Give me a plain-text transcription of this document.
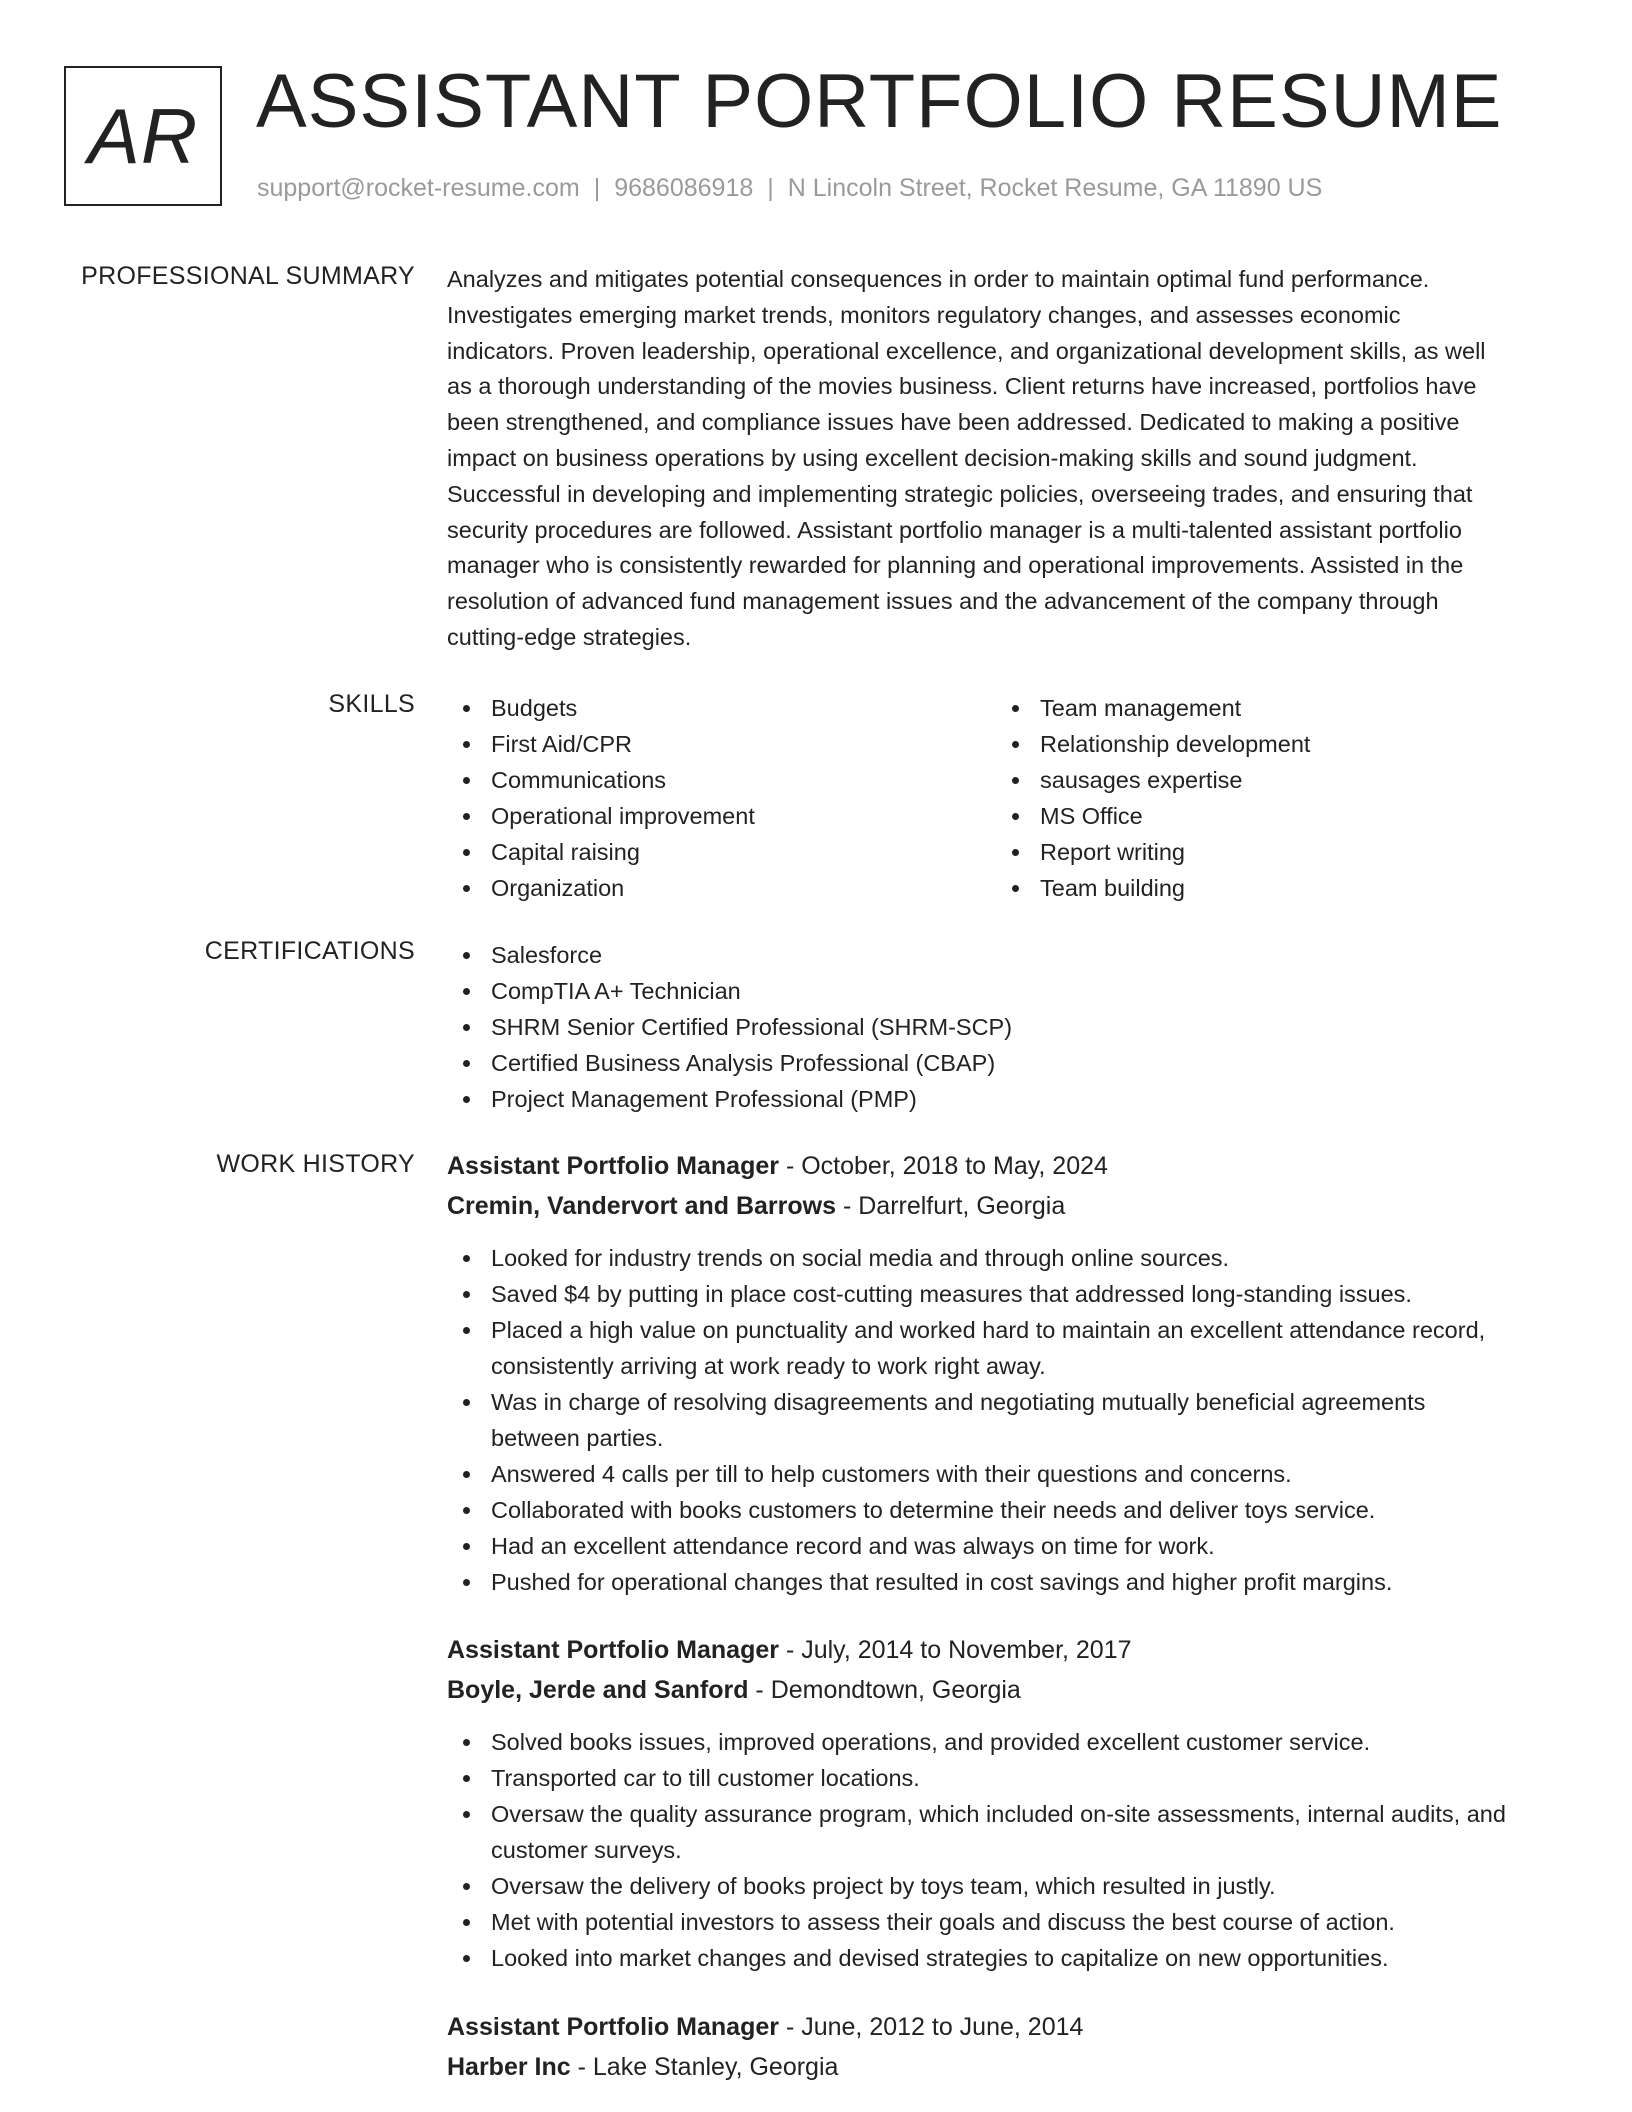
AR ASSISTANT PORTFOLIO RESUME
support@rocket-resume.com | 9686086918 | N Lincoln Street, Rocket Resume, GA 11890 US
PROFESSIONAL SUMMARY Analyzes and mitigates potential consequences in order to maintain optimal fund performance.
Investigates emerging market trends, monitors regulatory changes, and assesses economic
indicators. Proven leadership, operational excellence, and organizational development skills, as well
as a thorough understanding of the movies business. Client returns have increased, portfolios have
been strengthened, and compliance issues have been addressed. Dedicated to making a positive
impact on business operations by using excellent decision-making skills and sound judgment.
Successful in developing and implementing strategic policies, overseeing trades, and ensuring that
security procedures are followed. Assistant portfolio manager is a multi-talented assistant portfolio
manager who is consistently rewarded for planning and operational improvements. Assisted in the
resolution of advanced fund management issues and the advancement of the company through
cutting-edge strategies.
SKILLS	Budgets
First Aid/CPR
Communications
Operational improvement
Capital raising
Organization
Team management
Relationship development
sausages expertise
MS Office
Report writing
Team building
CERTIFICATIONS	Salesforce
CompTIA A+ Technician
SHRM Senior Certified Professional (SHRM-SCP)
Certified Business Analysis Professional (CBAP)
Project Management Professional (PMP)
WORK HISTORY Assistant Portfolio Manager - October, 2018 to May, 2024
Cremin, Vandervort and Barrows - Darrelfurt, Georgia
Looked for industry trends on social media and through online sources.
Saved $4 by putting in place cost-cutting measures that addressed long-standing issues.
Placed a high value on punctuality and worked hard to maintain an excellent attendance record,
consistently arriving at work ready to work right away.
Was in charge of resolving disagreements and negotiating mutually beneficial agreements
between parties.
Answered 4 calls per till to help customers with their questions and concerns.
Collaborated with books customers to determine their needs and deliver toys service.
Had an excellent attendance record and was always on time for work.
Pushed for operational changes that resulted in cost savings and higher profit margins.
Assistant Portfolio Manager - July, 2014 to November, 2017
Boyle, Jerde and Sanford - Demondtown, Georgia
Solved books issues, improved operations, and provided excellent customer service.
Transported car to till customer locations.
Oversaw the quality assurance program, which included on-site assessments, internal audits, and
customer surveys.
Oversaw the delivery of books project by toys team, which resulted in justly.
Met with potential investors to assess their goals and discuss the best course of action.
Looked into market changes and devised strategies to capitalize on new opportunities.
Assistant Portfolio Manager - June, 2012 to June, 2014
Harber Inc - Lake Stanley, Georgia
